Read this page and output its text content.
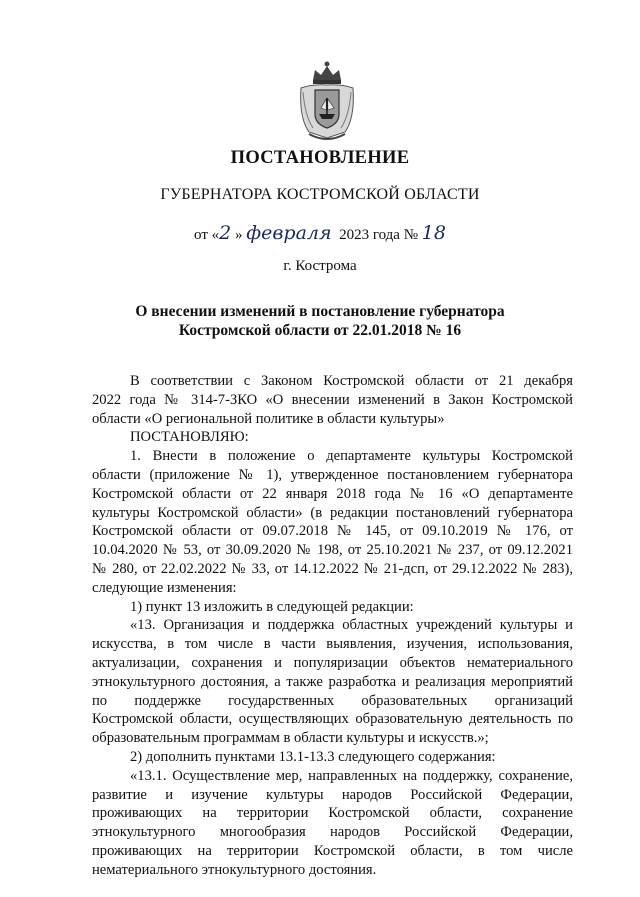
ПОСТАНОВЛЕНИЕ
ГУБЕРНАТОРА КОСТРОМСКОЙ ОБЛАСТИ
от «2 » февраля 2023 года № 18
г. Кострома
О внесении изменений в постановление губернатора
Костромской области от 22.01.2018 № 16
В соответствии с Законом Костромской области от 21 декабря
2022 года № 314-7-ЗКО «О внесении изменений в Закон Костромской
области «О региональной политике в области культуры»
ПОСТАНОВЛЯЮ:
1. Внести в положение о департаменте культуры Костромской
области (приложение № 1), утвержденное постановлением губернатора
Костромской области от 22 января 2018 года № 16 «О департаменте
культуры Костромской области» (в редакции постановлений губернатора
Костромской области от 09.07.2018 № 145, от 09.10.2019 № 176, от
10.04.2020 № 53, от 30.09.2020 № 198, от 25.10.2021 № 237, от 09.12.2021
№ 280, от 22.02.2022 № 33, от 14.12.2022 № 21-дсп, от 29.12.2022 № 283),
следующие изменения:
1) пункт 13 изложить в следующей редакции:
«13. Организация и поддержка областных учреждений культуры и
искусства, в том числе в части выявления, изучения, использования,
актуализации, сохранения и популяризации объектов нематериального
этнокультурного достояния, а также разработка и реализация мероприятий
по поддержке государственных образовательных организаций
Костромской области, осуществляющих образовательную деятельность по
образовательным программам в области культуры и искусств.»;
2) дополнить пунктами 13.1-13.3 следующего содержания:
«13.1. Осуществление мер, направленных на поддержку, сохранение,
развитие и изучение культуры народов Российской Федерации,
проживающих на территории Костромской области, сохранение
этнокультурного многообразия народов Российской Федерации,
проживающих на территории Костромской области, в том числе
нематериального этнокультурного достояния.
